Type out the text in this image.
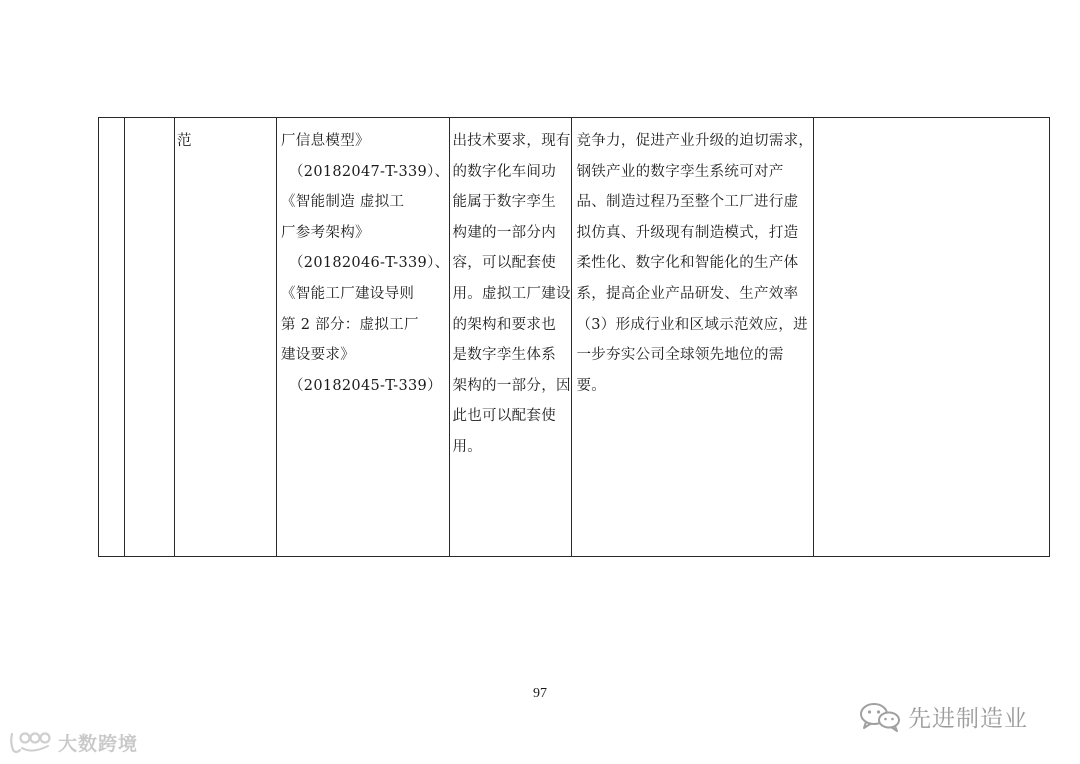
范	厂信息模型》
（20182047-T-339）、
《智能制造 虚拟工
厂参考架构》
（20182046-T-339）、
《智能工厂建设导则
第 2 部分：虚拟工厂
建设要求》
（20182045-T-339）

出技术要求，现有
的数字化车间功
能属于数字孪生
构建的一部分内
容，可以配套使
用。虚拟工厂建设
的架构和要求也
是数字孪生体系
架构的一部分，因
此也可以配套使
用。

竞争力，促进产业升级的迫切需求，
钢铁产业的数字孪生系统可对产
品、制造过程乃至整个工厂进行虚
拟仿真、升级现有制造模式，打造
柔性化、数字化和智能化的生产体
系，提高企业产品研发、生产效率
（3）形成行业和区域示范效应，进
一步夯实公司全球领先地位的需
要。

97
先进制造业
大数跨境
